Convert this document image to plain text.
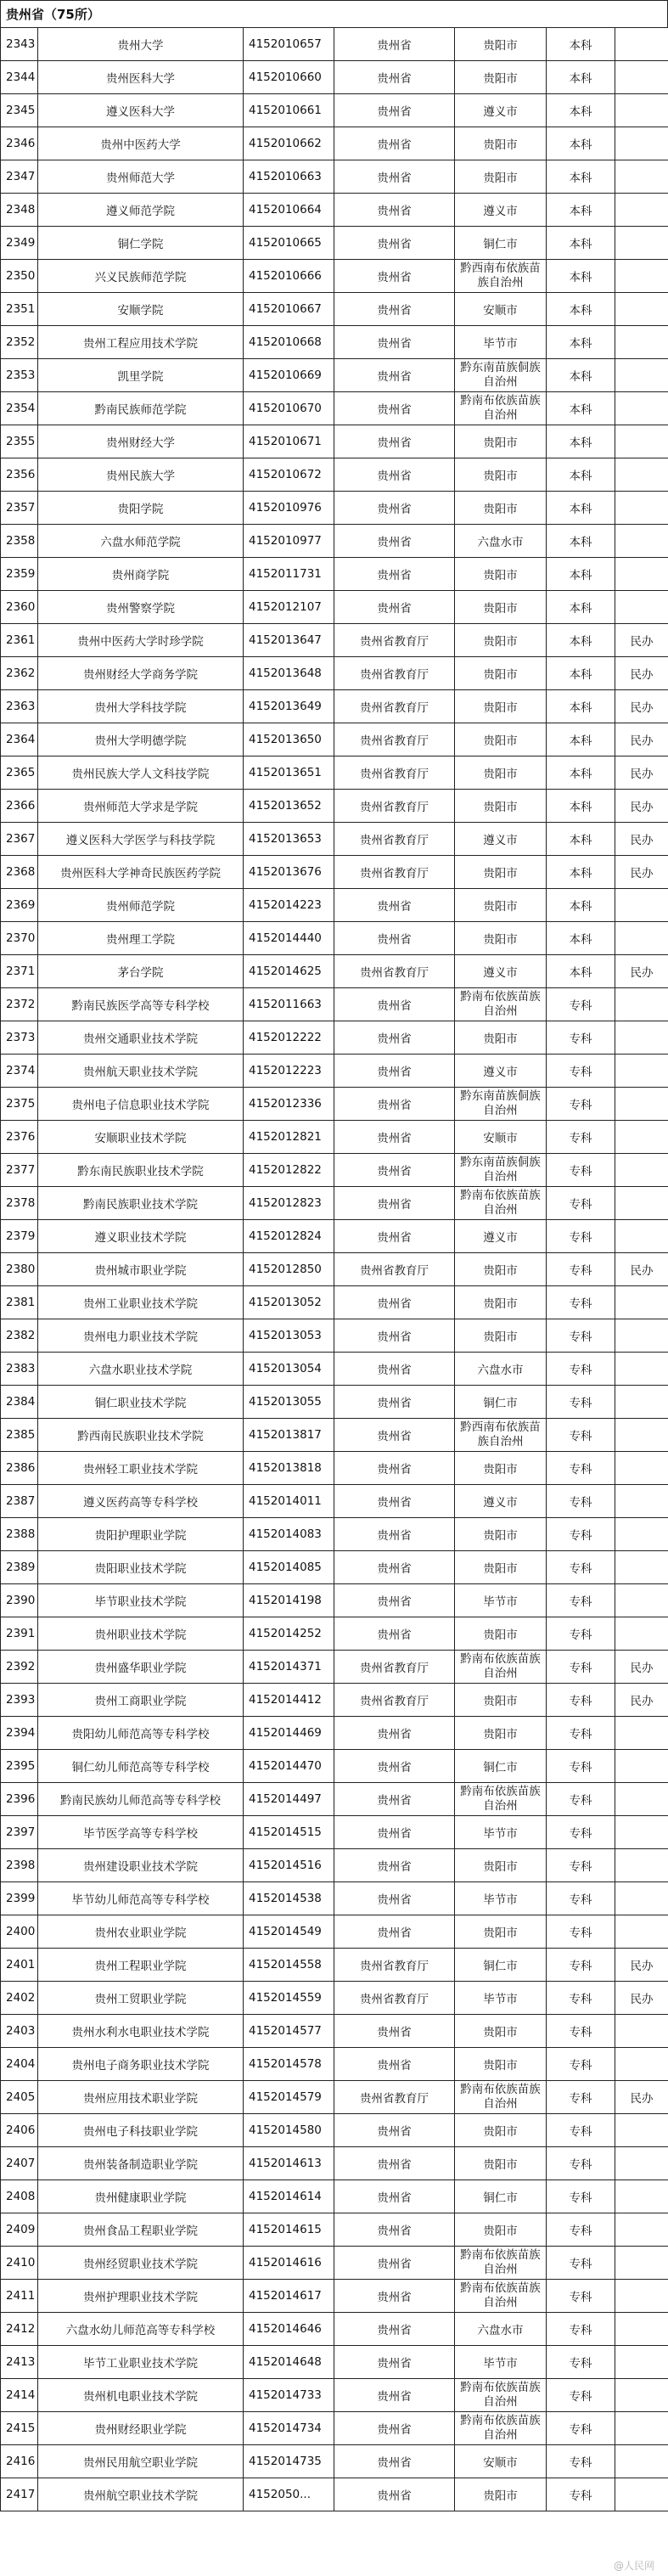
贵州省（75所）
2343	贵州大学	4152010657	贵州省	贵阳市	本科	
2344	贵州医科大学	4152010660	贵州省	贵阳市	本科	
2345	遵义医科大学	4152010661	贵州省	遵义市	本科	
2346	贵州中医药大学	4152010662	贵州省	贵阳市	本科	
2347	贵州师范大学	4152010663	贵州省	贵阳市	本科	
2348	遵义师范学院	4152010664	贵州省	遵义市	本科	
2349	铜仁学院	4152010665	贵州省	铜仁市	本科	
2350	兴义民族师范学院	4152010666	贵州省	黔西南布依族苗族自治州	本科	
2351	安顺学院	4152010667	贵州省	安顺市	本科	
2352	贵州工程应用技术学院	4152010668	贵州省	毕节市	本科	
2353	凯里学院	4152010669	贵州省	黔东南苗族侗族自治州	本科	
2354	黔南民族师范学院	4152010670	贵州省	黔南布依族苗族自治州	本科	
2355	贵州财经大学	4152010671	贵州省	贵阳市	本科	
2356	贵州民族大学	4152010672	贵州省	贵阳市	本科	
2357	贵阳学院	4152010976	贵州省	贵阳市	本科	
2358	六盘水师范学院	4152010977	贵州省	六盘水市	本科	
2359	贵州商学院	4152011731	贵州省	贵阳市	本科	
2360	贵州警察学院	4152012107	贵州省	贵阳市	本科	
2361	贵州中医药大学时珍学院	4152013647	贵州省教育厅	贵阳市	本科	民办
2362	贵州财经大学商务学院	4152013648	贵州省教育厅	贵阳市	本科	民办
2363	贵州大学科技学院	4152013649	贵州省教育厅	贵阳市	本科	民办
2364	贵州大学明德学院	4152013650	贵州省教育厅	贵阳市	本科	民办
2365	贵州民族大学人文科技学院	4152013651	贵州省教育厅	贵阳市	本科	民办
2366	贵州师范大学求是学院	4152013652	贵州省教育厅	贵阳市	本科	民办
2367	遵义医科大学医学与科技学院	4152013653	贵州省教育厅	遵义市	本科	民办
2368	贵州医科大学神奇民族医药学院	4152013676	贵州省教育厅	贵阳市	本科	民办
2369	贵州师范学院	4152014223	贵州省	贵阳市	本科	
2370	贵州理工学院	4152014440	贵州省	贵阳市	本科	
2371	茅台学院	4152014625	贵州省教育厅	遵义市	本科	民办
2372	黔南民族医学高等专科学校	4152011663	贵州省	黔南布依族苗族自治州	专科	
2373	贵州交通职业技术学院	4152012222	贵州省	贵阳市	专科	
2374	贵州航天职业技术学院	4152012223	贵州省	遵义市	专科	
2375	贵州电子信息职业技术学院	4152012336	贵州省	黔东南苗族侗族自治州	专科	
2376	安顺职业技术学院	4152012821	贵州省	安顺市	专科	
2377	黔东南民族职业技术学院	4152012822	贵州省	黔东南苗族侗族自治州	专科	
2378	黔南民族职业技术学院	4152012823	贵州省	黔南布依族苗族自治州	专科	
2379	遵义职业技术学院	4152012824	贵州省	遵义市	专科	
2380	贵州城市职业学院	4152012850	贵州省教育厅	贵阳市	专科	民办
2381	贵州工业职业技术学院	4152013052	贵州省	贵阳市	专科	
2382	贵州电力职业技术学院	4152013053	贵州省	贵阳市	专科	
2383	六盘水职业技术学院	4152013054	贵州省	六盘水市	专科	
2384	铜仁职业技术学院	4152013055	贵州省	铜仁市	专科	
2385	黔西南民族职业技术学院	4152013817	贵州省	黔西南布依族苗族自治州	专科	
2386	贵州轻工职业技术学院	4152013818	贵州省	贵阳市	专科	
2387	遵义医药高等专科学校	4152014011	贵州省	遵义市	专科	
2388	贵阳护理职业学院	4152014083	贵州省	贵阳市	专科	
2389	贵阳职业技术学院	4152014085	贵州省	贵阳市	专科	
2390	毕节职业技术学院	4152014198	贵州省	毕节市	专科	
2391	贵州职业技术学院	4152014252	贵州省	贵阳市	专科	
2392	贵州盛华职业学院	4152014371	贵州省教育厅	黔南布依族苗族自治州	专科	民办
2393	贵州工商职业学院	4152014412	贵州省教育厅	贵阳市	专科	民办
2394	贵阳幼儿师范高等专科学校	4152014469	贵州省	贵阳市	专科	
2395	铜仁幼儿师范高等专科学校	4152014470	贵州省	铜仁市	专科	
2396	黔南民族幼儿师范高等专科学校	4152014497	贵州省	黔南布依族苗族自治州	专科	
2397	毕节医学高等专科学校	4152014515	贵州省	毕节市	专科	
2398	贵州建设职业技术学院	4152014516	贵州省	贵阳市	专科	
2399	毕节幼儿师范高等专科学校	4152014538	贵州省	毕节市	专科	
2400	贵州农业职业学院	4152014549	贵州省	贵阳市	专科	
2401	贵州工程职业学院	4152014558	贵州省教育厅	铜仁市	专科	民办
2402	贵州工贸职业学院	4152014559	贵州省教育厅	毕节市	专科	民办
2403	贵州水利水电职业技术学院	4152014577	贵州省	贵阳市	专科	
2404	贵州电子商务职业技术学院	4152014578	贵州省	贵阳市	专科	
2405	贵州应用技术职业学院	4152014579	贵州省教育厅	黔南布依族苗族自治州	专科	民办
2406	贵州电子科技职业学院	4152014580	贵州省	贵阳市	专科	
2407	贵州装备制造职业学院	4152014613	贵州省	贵阳市	专科	
2408	贵州健康职业学院	4152014614	贵州省	铜仁市	专科	
2409	贵州食品工程职业学院	4152014615	贵州省	贵阳市	专科	
2410	贵州经贸职业技术学院	4152014616	贵州省	黔南布依族苗族自治州	专科	
2411	贵州护理职业技术学院	4152014617	贵州省	黔南布依族苗族自治州	专科	
2412	六盘水幼儿师范高等专科学校	4152014646	贵州省	六盘水市	专科	
2413	毕节工业职业技术学院	4152014648	贵州省	毕节市	专科	
2414	贵州机电职业技术学院	4152014733	贵州省	黔南布依族苗族自治州	专科	
2415	贵州财经职业学院	4152014734	贵州省	黔南布依族苗族自治州	专科	
2416	贵州民用航空职业学院	4152014735	贵州省	安顺市	专科	
2417	贵州航空职业技术学院	4152050...	贵州省	贵阳市	专科	
@人民网
